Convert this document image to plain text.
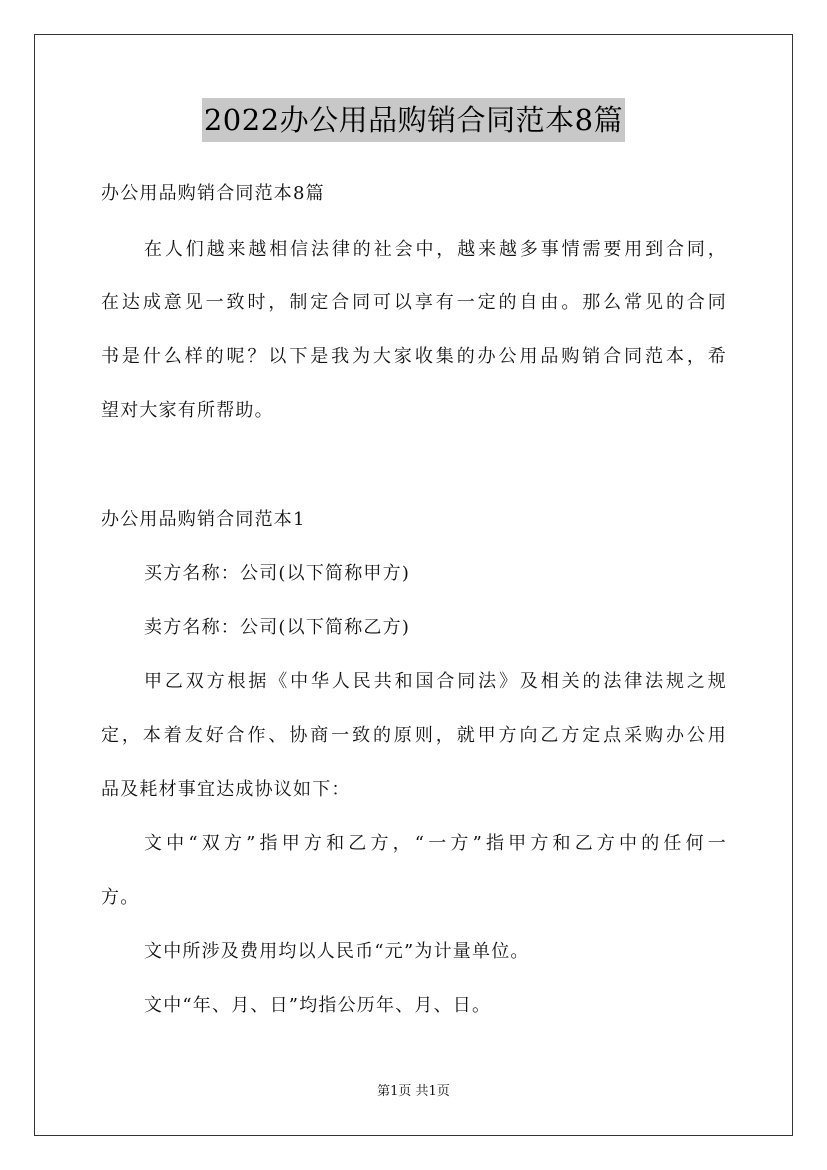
2022办公用品购销合同范本8篇
办公用品购销合同范本8篇
在人们越来越相信法律的社会中，越来越多事情需要用到合同，
在达成意见一致时，制定合同可以享有一定的自由。那么常见的合同
书是什么样的呢？以下是我为大家收集的办公用品购销合同范本，希
望对大家有所帮助。
办公用品购销合同范本1
买方名称：公司(以下简称甲方)
卖方名称：公司(以下简称乙方)
甲乙双方根据《中华人民共和国合同法》及相关的法律法规之规
定，本着友好合作、协商一致的原则，就甲方向乙方定点采购办公用
品及耗材事宜达成协议如下：
文中“双方”指甲方和乙方，“一方”指甲方和乙方中的任何一
方。
文中所涉及费用均以人民币“元”为计量单位。
文中“年、月、日”均指公历年、月、日。
第1页 共1页
